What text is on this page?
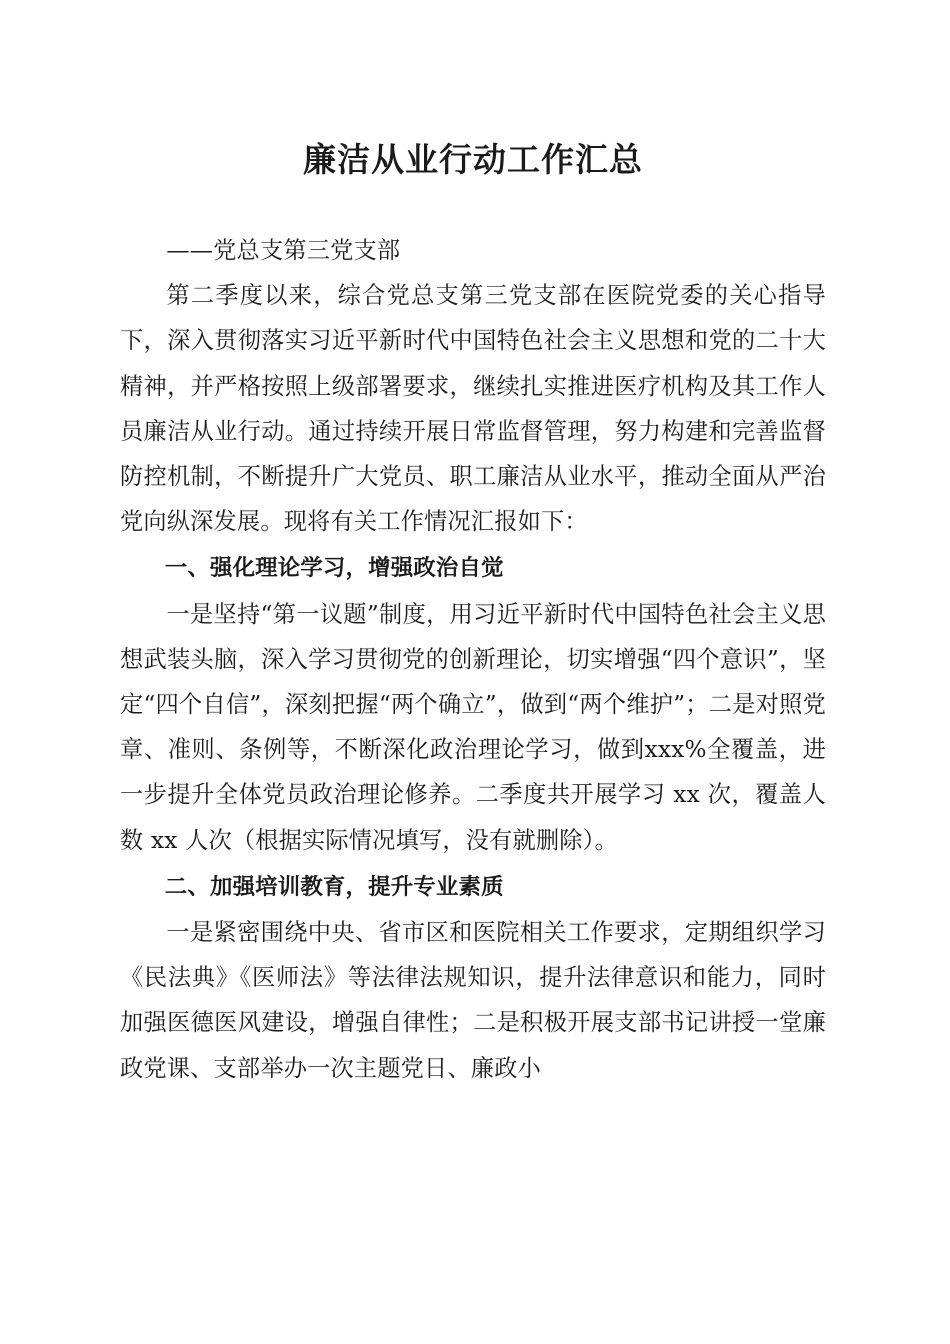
廉洁从业行动工作汇总

——党总支第三党支部

第二季度以来，综合党总支第三党支部在医院党委的关心指导下，深入贯彻落实习近平新时代中国特色社会主义思想和党的二十大精神，并严格按照上级部署要求，继续扎实推进医疗机构及其工作人员廉洁从业行动。通过持续开展日常监督管理，努力构建和完善监督防控机制，不断提升广大党员、职工廉洁从业水平，推动全面从严治党向纵深发展。现将有关工作情况汇报如下：

一、强化理论学习，增强政治自觉

一是坚持“第一议题”制度，用习近平新时代中国特色社会主义思想武装头脑，深入学习贯彻党的创新理论，切实增强“四个意识”，坚定“四个自信”，深刻把握“两个确立”，做到“两个维护”；二是对照党章、准则、条例等，不断深化政治理论学习，做到xxx%全覆盖，进一步提升全体党员政治理论修养。二季度共开展学习 xx 次，覆盖人数 xx 人次（根据实际情况填写，没有就删除）。

二、加强培训教育，提升专业素质

一是紧密围绕中央、省市区和医院相关工作要求，定期组织学习《民法典》《医师法》等法律法规知识，提升法律意识和能力，同时加强医德医风建设，增强自律性；二是积极开展支部书记讲授一堂廉政党课、支部举办一次主题党日、廉政小
